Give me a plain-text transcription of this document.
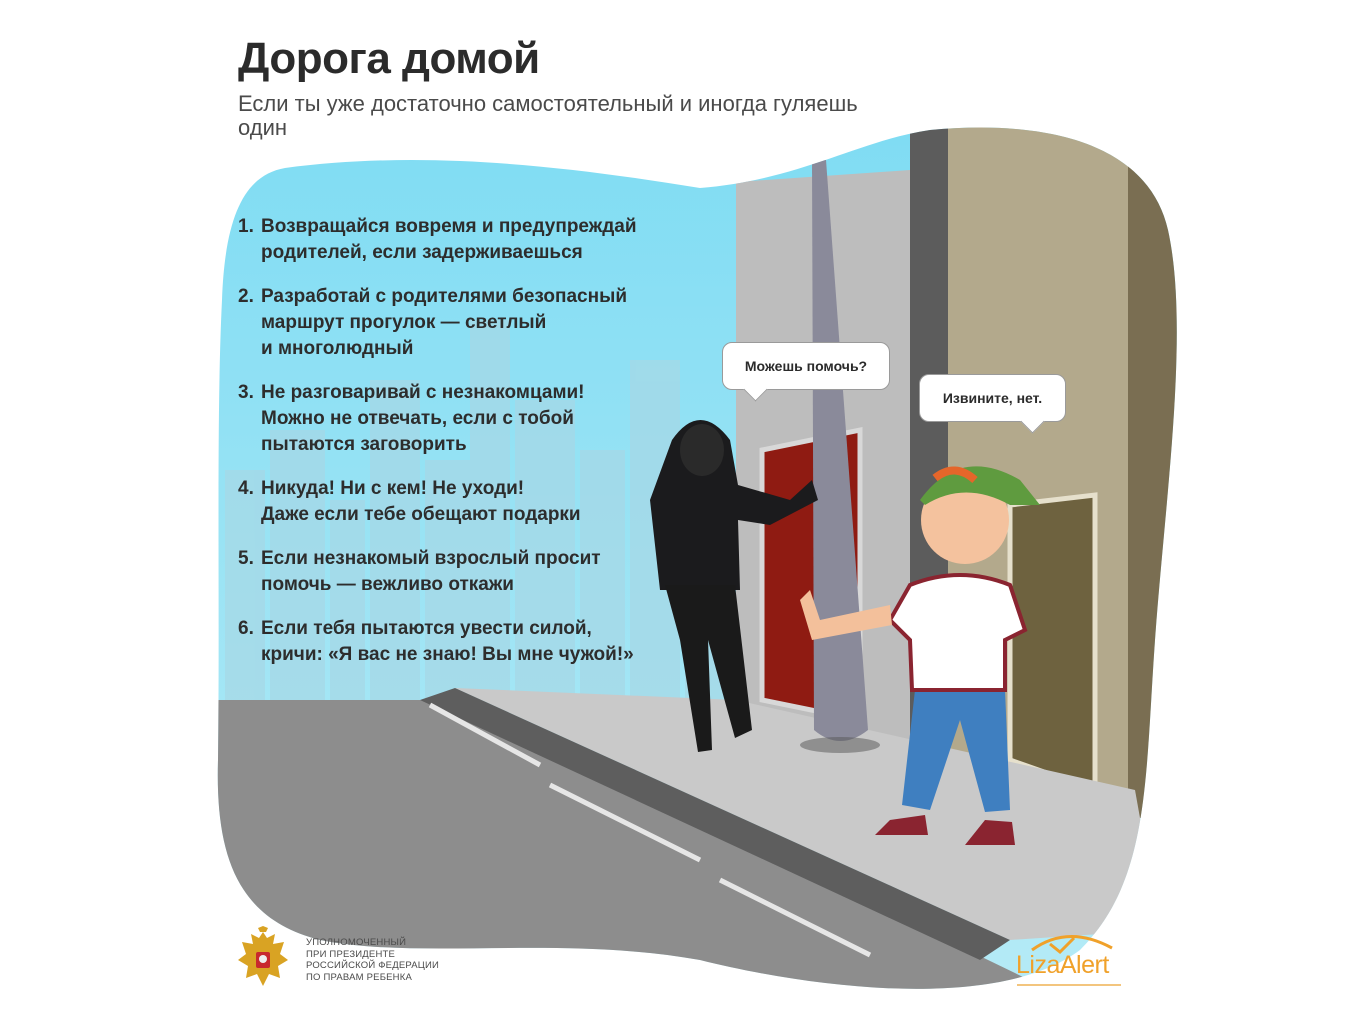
Дорога домой

Если ты уже достаточно самостоятельный и иногда гуляешь один

1. Возвращайся вовремя и предупреждай
родителей, если задерживаешься
2. Разработай с родителями безопасный
маршрут прогулок — светлый
и многолюдный
3. Не разговаривай с незнакомцами!
Можно не отвечать, если с тобой
пытаются заговорить
4. Никуда! Ни с кем! Не уходи!
Даже если тебе обещают подарки
5. Если незнакомый взрослый просит
помочь — вежливо откажи
6. Если тебя пытаются увести силой,
кричи: «Я вас не знаю! Вы мне чужой!»
Можешь помочь?
Извините, нет.
УПОЛНОМОЧЕННЫЙ
ПРИ ПРЕЗИДЕНТЕ
РОССИЙСКОЙ ФЕДЕРАЦИИ
ПО ПРАВАМ РЕБЕНКА	LizaAlert
